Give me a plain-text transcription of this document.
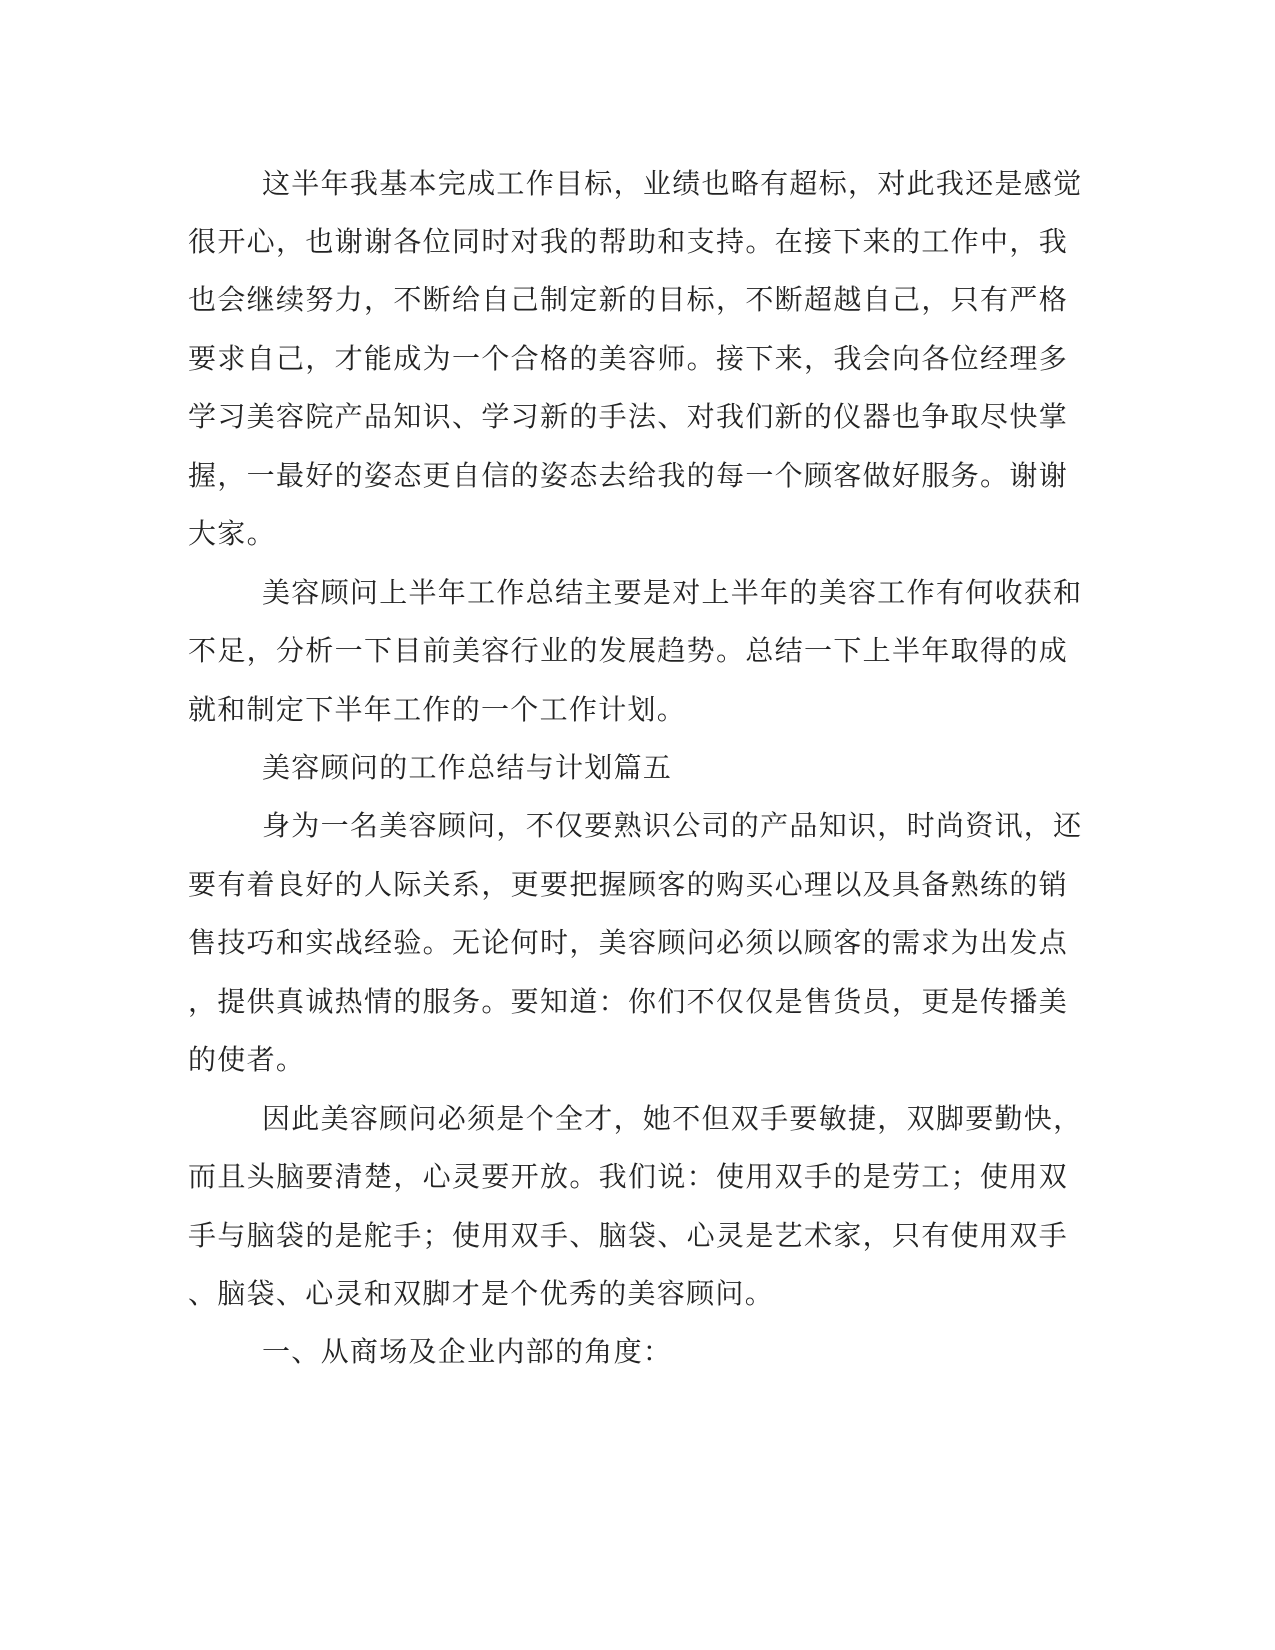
这半年我基本完成工作目标，业绩也略有超标，对此我还是感觉
很开心，也谢谢各位同时对我的帮助和支持。在接下来的工作中，我
也会继续努力，不断给自己制定新的目标，不断超越自己，只有严格
要求自己，才能成为一个合格的美容师。接下来，我会向各位经理多
学习美容院产品知识、学习新的手法、对我们新的仪器也争取尽快掌
握，一最好的姿态更自信的姿态去给我的每一个顾客做好服务。谢谢
大家。
美容顾问上半年工作总结主要是对上半年的美容工作有何收获和
不足，分析一下目前美容行业的发展趋势。总结一下上半年取得的成
就和制定下半年工作的一个工作计划。
美容顾问的工作总结与计划篇五
身为一名美容顾问，不仅要熟识公司的产品知识，时尚资讯，还
要有着良好的人际关系，更要把握顾客的购买心理以及具备熟练的销
售技巧和实战经验。无论何时，美容顾问必须以顾客的需求为出发点
，提供真诚热情的服务。要知道：你们不仅仅是售货员，更是传播美
的使者。
因此美容顾问必须是个全才，她不但双手要敏捷，双脚要勤快，
而且头脑要清楚，心灵要开放。我们说：使用双手的是劳工；使用双
手与脑袋的是舵手；使用双手、脑袋、心灵是艺术家，只有使用双手
、脑袋、心灵和双脚才是个优秀的美容顾问。
一、从商场及企业内部的角度：
